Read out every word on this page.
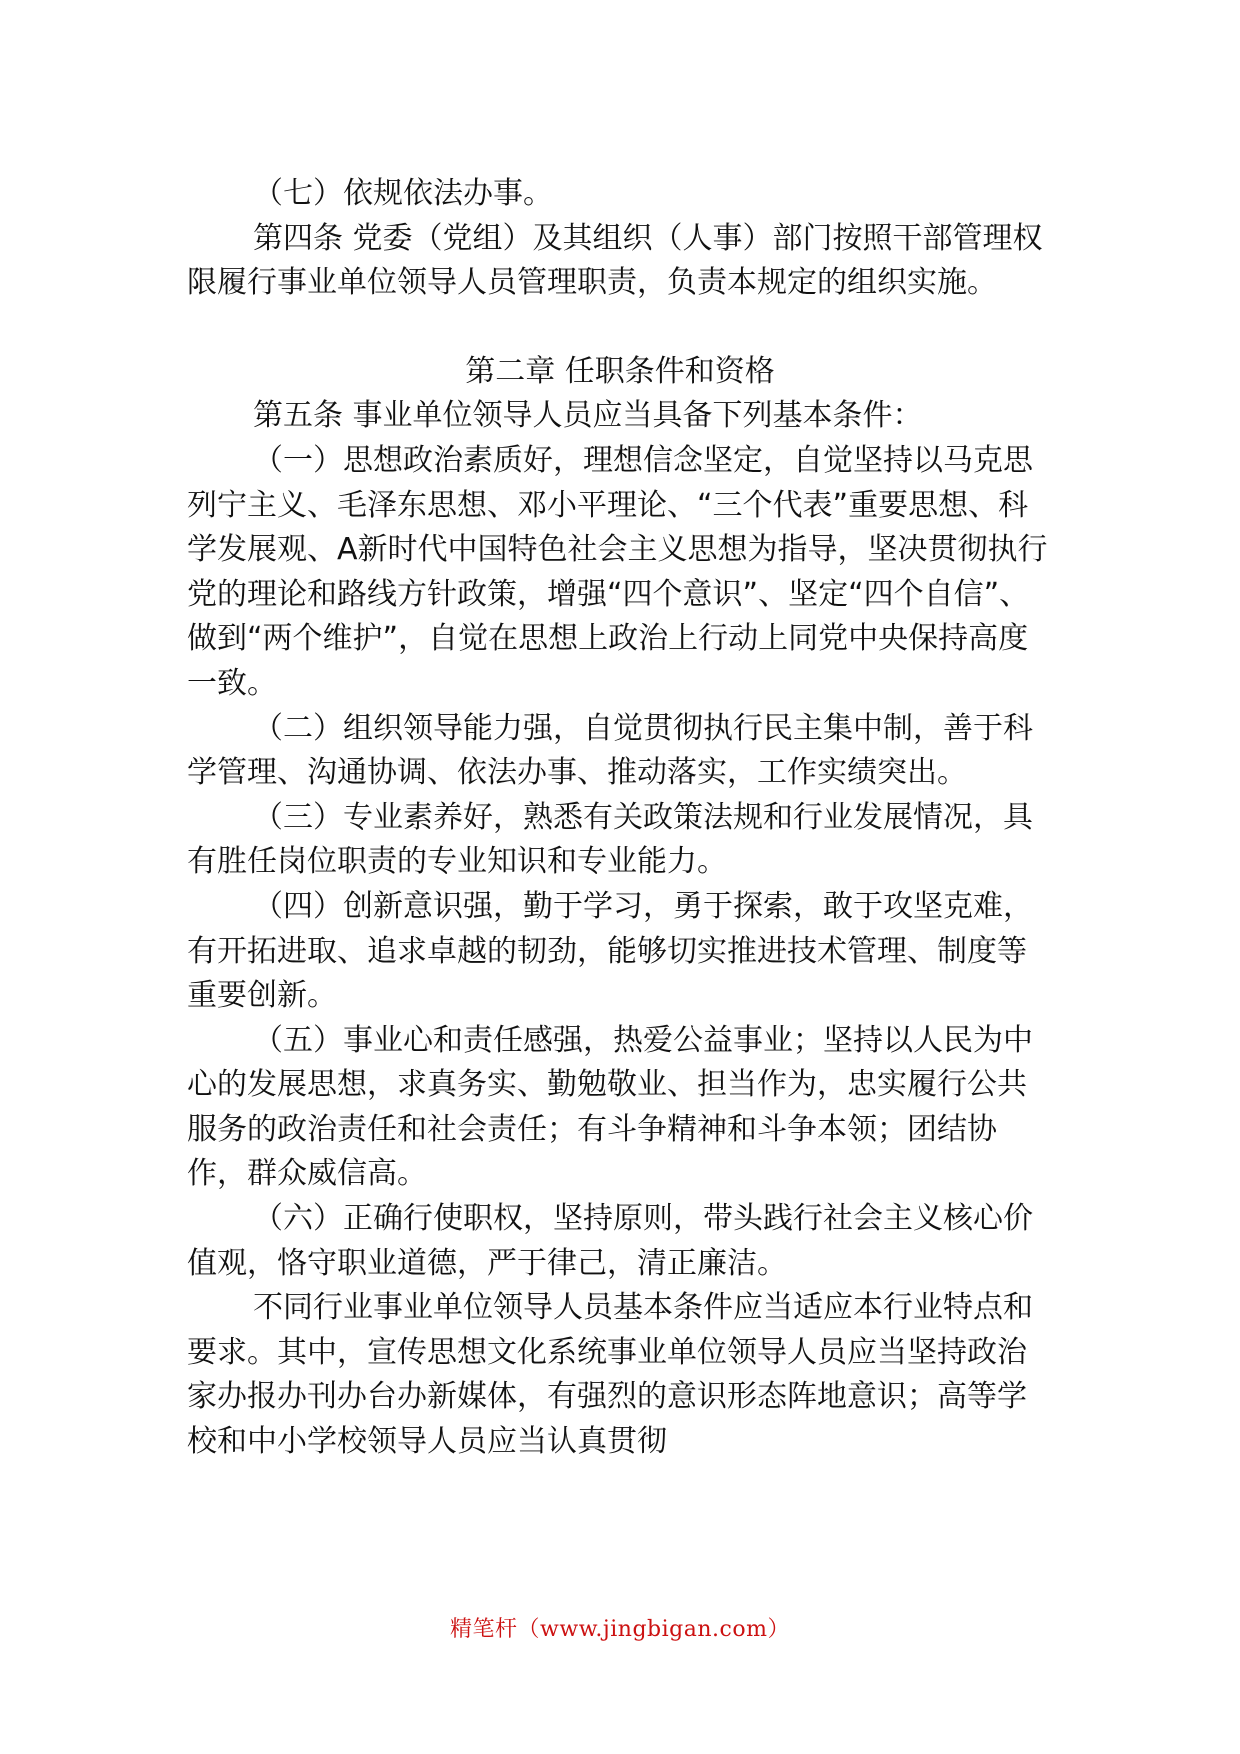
（七）依规依法办事。

第四条 党委（党组）及其组织（人事）部门按照干部管理权限履行事业单位领导人员管理职责，负责本规定的组织实施。

第二章 任职条件和资格

第五条 事业单位领导人员应当具备下列基本条件：

（一）思想政治素质好，理想信念坚定，自觉坚持以马克思列宁主义、毛泽东思想、邓小平理论、“三个代表”重要思想、科学发展观、A新时代中国特色社会主义思想为指导，坚决贯彻执行党的理论和路线方针政策，增强“四个意识”、坚定“四个自信”、做到“两个维护”，自觉在思想上政治上行动上同党中央保持高度一致。

（二）组织领导能力强，自觉贯彻执行民主集中制，善于科学管理、沟通协调、依法办事、推动落实，工作实绩突出。

（三）专业素养好，熟悉有关政策法规和行业发展情况，具有胜任岗位职责的专业知识和专业能力。

（四）创新意识强，勤于学习，勇于探索，敢于攻坚克难，有开拓进取、追求卓越的韧劲，能够切实推进技术管理、制度等重要创新。

（五）事业心和责任感强，热爱公益事业；坚持以人民为中心的发展思想，求真务实、勤勉敬业、担当作为，忠实履行公共服务的政治责任和社会责任；有斗争精神和斗争本领；团结协作，群众威信高。

（六）正确行使职权，坚持原则，带头践行社会主义核心价值观，恪守职业道德，严于律己，清正廉洁。

不同行业事业单位领导人员基本条件应当适应本行业特点和要求。其中，宣传思想文化系统事业单位领导人员应当坚持政治家办报办刊办台办新媒体，有强烈的意识形态阵地意识；高等学校和中小学校领导人员应当认真贯彻

精笔杆（www.jingbigan.com）
